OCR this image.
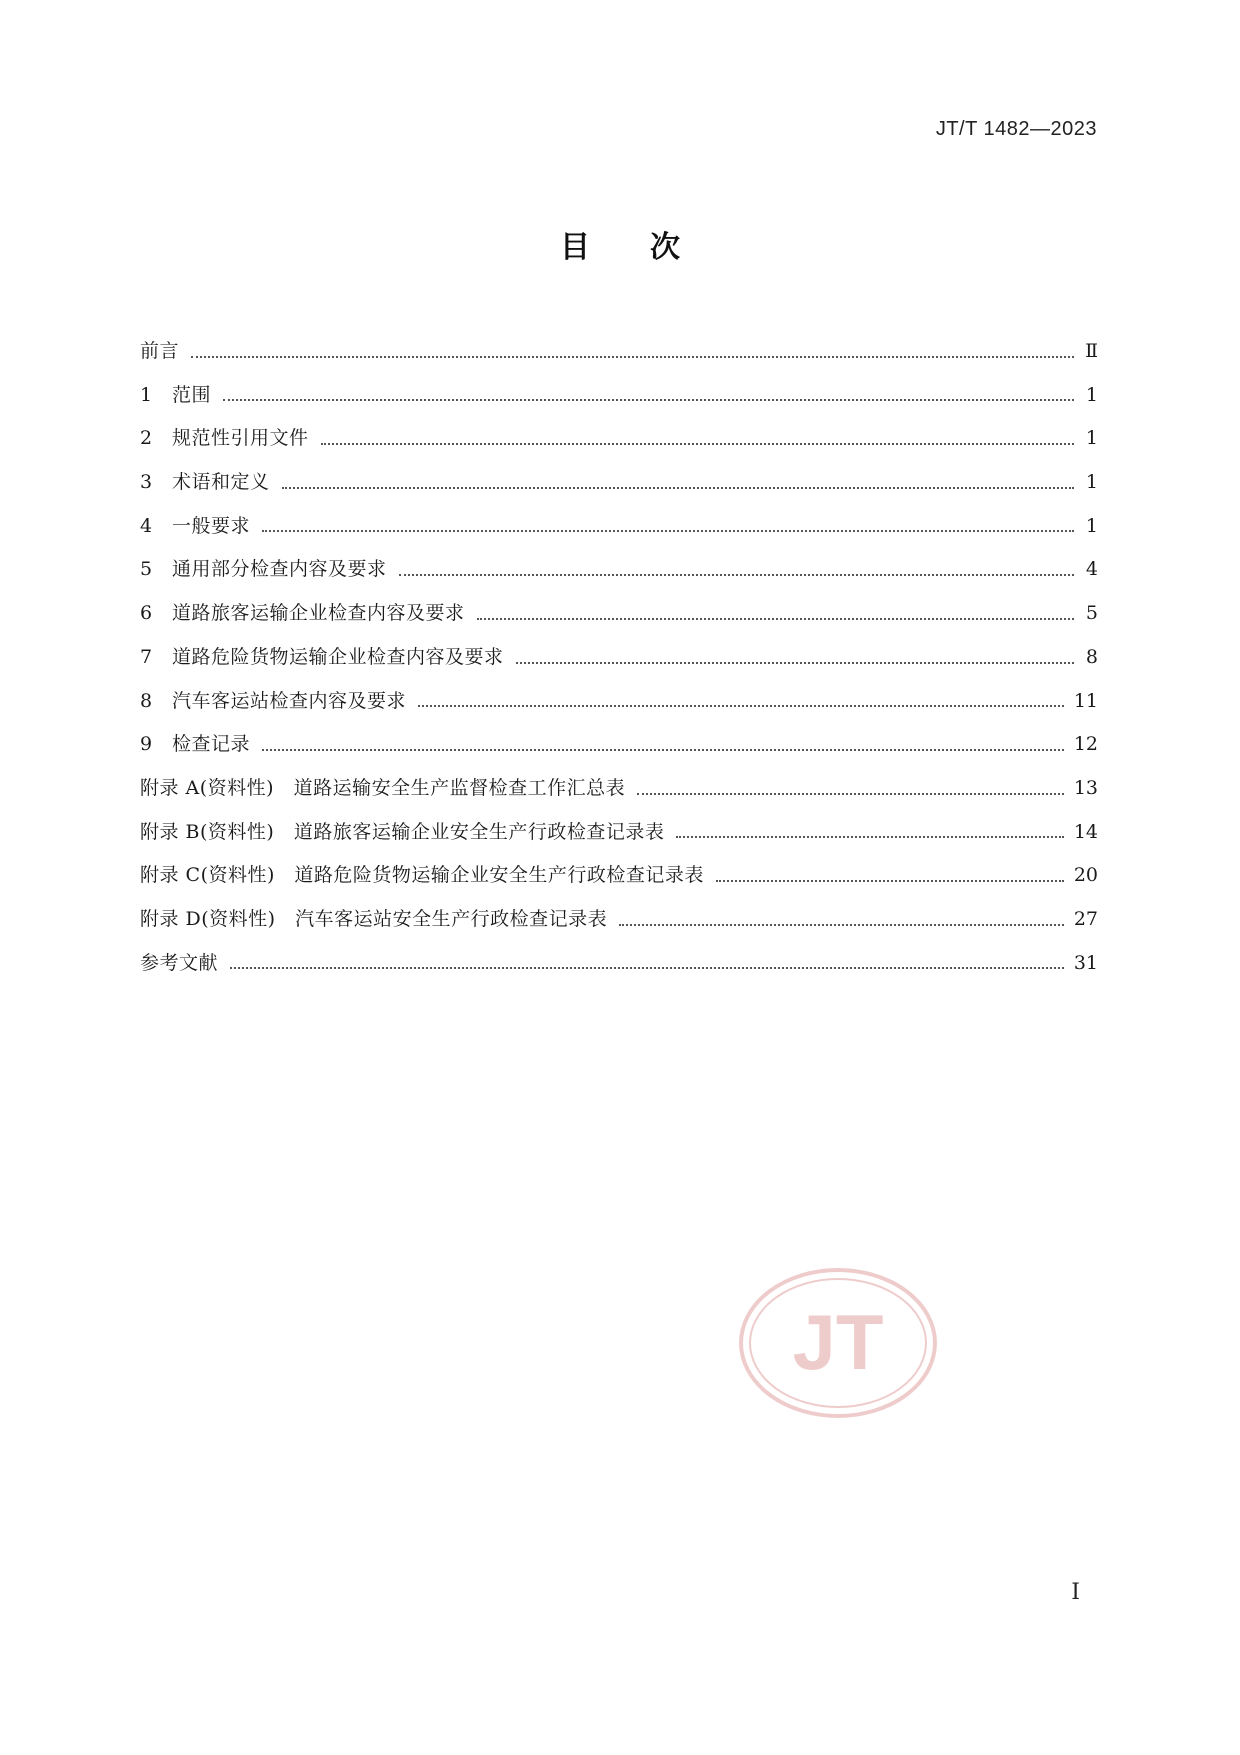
JT/T 1482—2023
目次
前言	Ⅱ
1	范围	1
2	规范性引用文件	1
3	术语和定义	1
4	一般要求	1
5	通用部分检查内容及要求	4
6	道路旅客运输企业检查内容及要求	5
7	道路危险货物运输企业检查内容及要求	8
8	汽车客运站检查内容及要求	11
9	检查记录	12
附录 A(资料性)　道路运输安全生产监督检查工作汇总表	13
附录 B(资料性)　道路旅客运输企业安全生产行政检查记录表	14
附录 C(资料性)　道路危险货物运输企业安全生产行政检查记录表	20
附录 D(资料性)　汽车客运站安全生产行政检查记录表	27
参考文献	31
JT
Ⅰ
